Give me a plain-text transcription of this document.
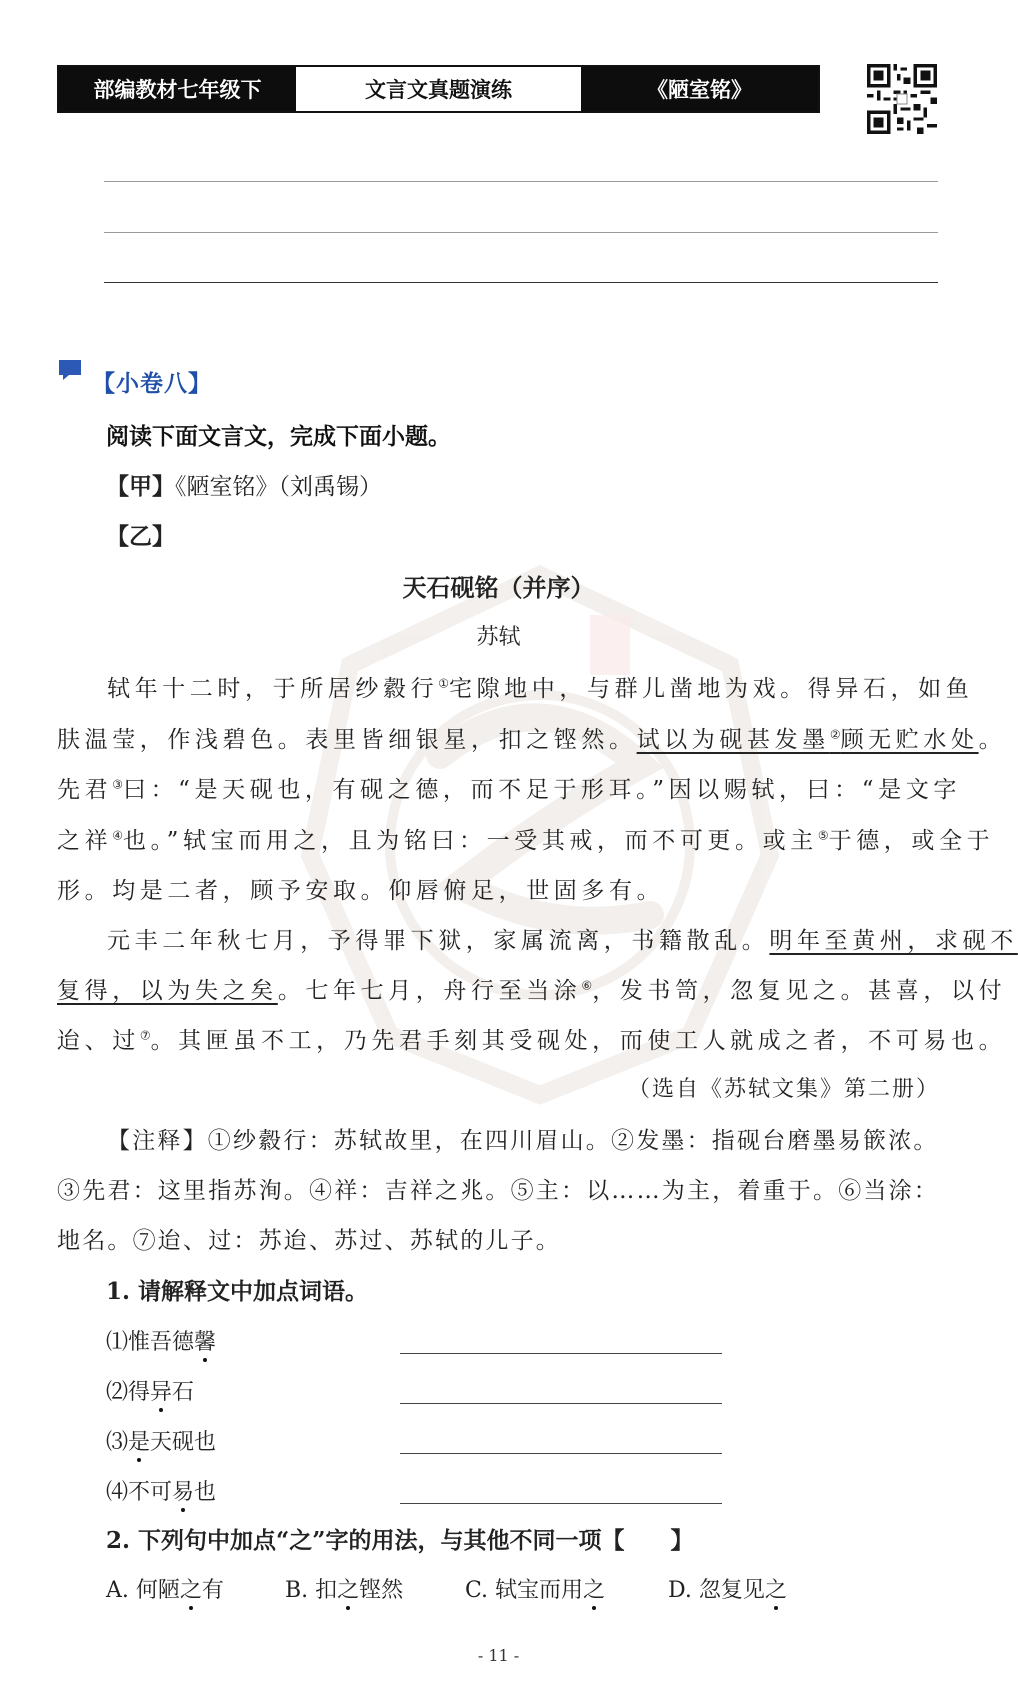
部编教材七年级下	文言文真题演练	《陋室铭》
【小卷八】
阅读下面文言文，完成下面小题。
【甲】《陋室铭》（刘禹锡）
【乙】
天石砚铭（并序）
苏轼
轼年十二时，于所居纱縠行①宅隙地中，与群儿凿地为戏。得异石，如鱼
肤温莹，作浅碧色。表里皆细银星，扣之铿然。试以为砚甚发墨②顾无贮水处。
先君③曰：“是天砚也，有砚之德，而不足于形耳。”因以赐轼，曰：“是文字
之祥④也。”轼宝而用之，且为铭曰：一受其戒，而不可更。或主⑤于德，或全于
形。均是二者，顾予安取。仰唇俯足，世固多有。
元丰二年秋七月，予得罪下狱，家属流离，书籍散乱。明年至黄州，求砚不
复得，以为失之矣。七年七月，舟行至当涂⑥，发书笥，忽复见之。甚喜，以付
迨、过⑦。其匣虽不工，乃先君手刻其受砚处，而使工人就成之者，不可易也。
（选自《苏轼文集》第二册）
【注释】①纱縠行：苏轼故里，在四川眉山。②发墨：指砚台磨墨易篏浓。
③先君：这里指苏洵。④祥：吉祥之兆。⑤主：以……为主，着重于。⑥当涂：
地名。⑦迨、过：苏迨、苏过、苏轼的儿子。
1. 请解释文中加点词语。
⑴惟吾德馨
⑵得异石
⑶是天砚也
⑷不可易也
2. 下列句中加点“之”字的用法，与其他不同一项【　　】
A. 何陋之有	B. 扣之铿然	C. 轼宝而用之	D. 忽复见之
- 11 -
